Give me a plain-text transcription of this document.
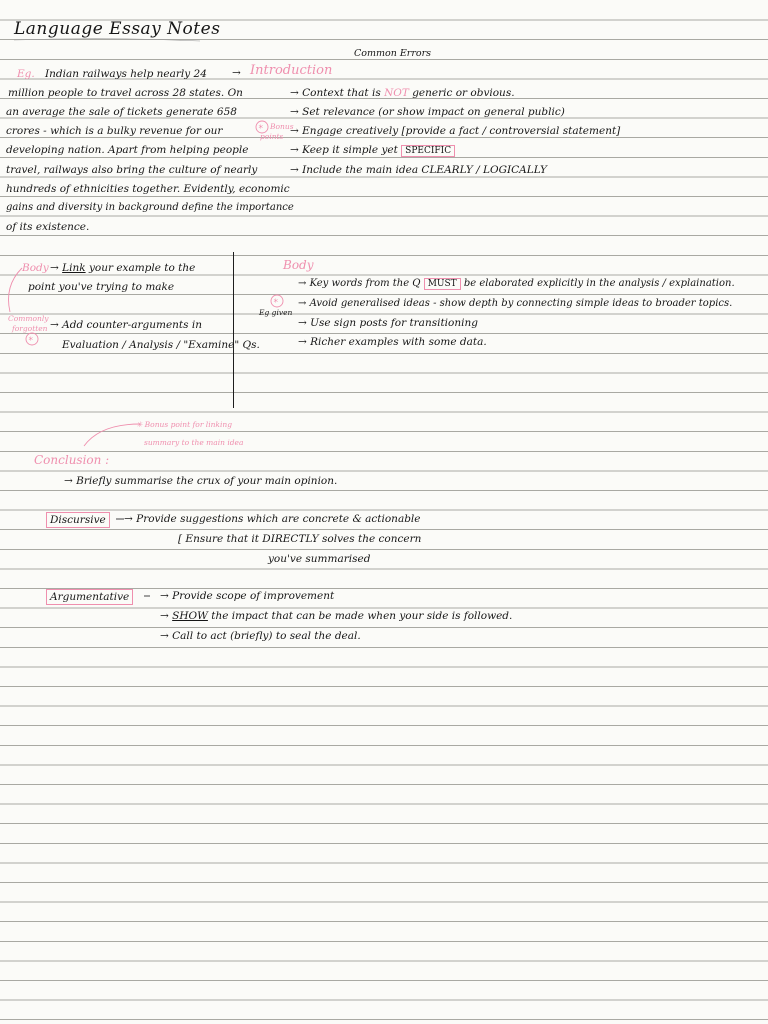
*
*
*
Language Essay Notes
Common Errors
Eg. Indian railways help nearly 24 → Introduction
million people to travel across 28 states. On
an average the sale of tickets generate 658
crores - which is a bulky revenue for our
developing nation. Apart from helping people
travel, railways also bring the culture of nearly
hundreds of ethnicities together. Evidently, economic
gains and diversity in background define the importance
of its existence.
Bonus
points
→ Context that is NOT generic or obvious.
→ Set relevance (or show impact on general public)
→ Engage creatively [provide a fact / controversial statement]
→ Keep it simple yet SPECIFIC
→ Include the main idea CLEARLY / LOGICALLY
Body → Link your example to the
point you've trying to make
Commonly
forgotten → Add counter-arguments in
Evaluation / Analysis / "Examine" Qs.
Body
→ Key words from the Q MUST be elaborated explicitly in the analysis / explaination.
→ Avoid generalised ideas - show depth by connecting simple ideas to broader topics.
Eg given
→ Use sign posts for transitioning
→ Richer examples with some data.
✳ Bonus point for linking
summary to the main idea
Conclusion :
→ Briefly summarise the crux of your main opinion.
Discursive	→ Provide suggestions which are concrete & actionable
[ Ensure that it DIRECTLY solves the concern
you've summarised
Argumentative	→ Provide scope of improvement
→ SHOW the impact that can be made when your side is followed.
→ Call to act (briefly) to seal the deal.
